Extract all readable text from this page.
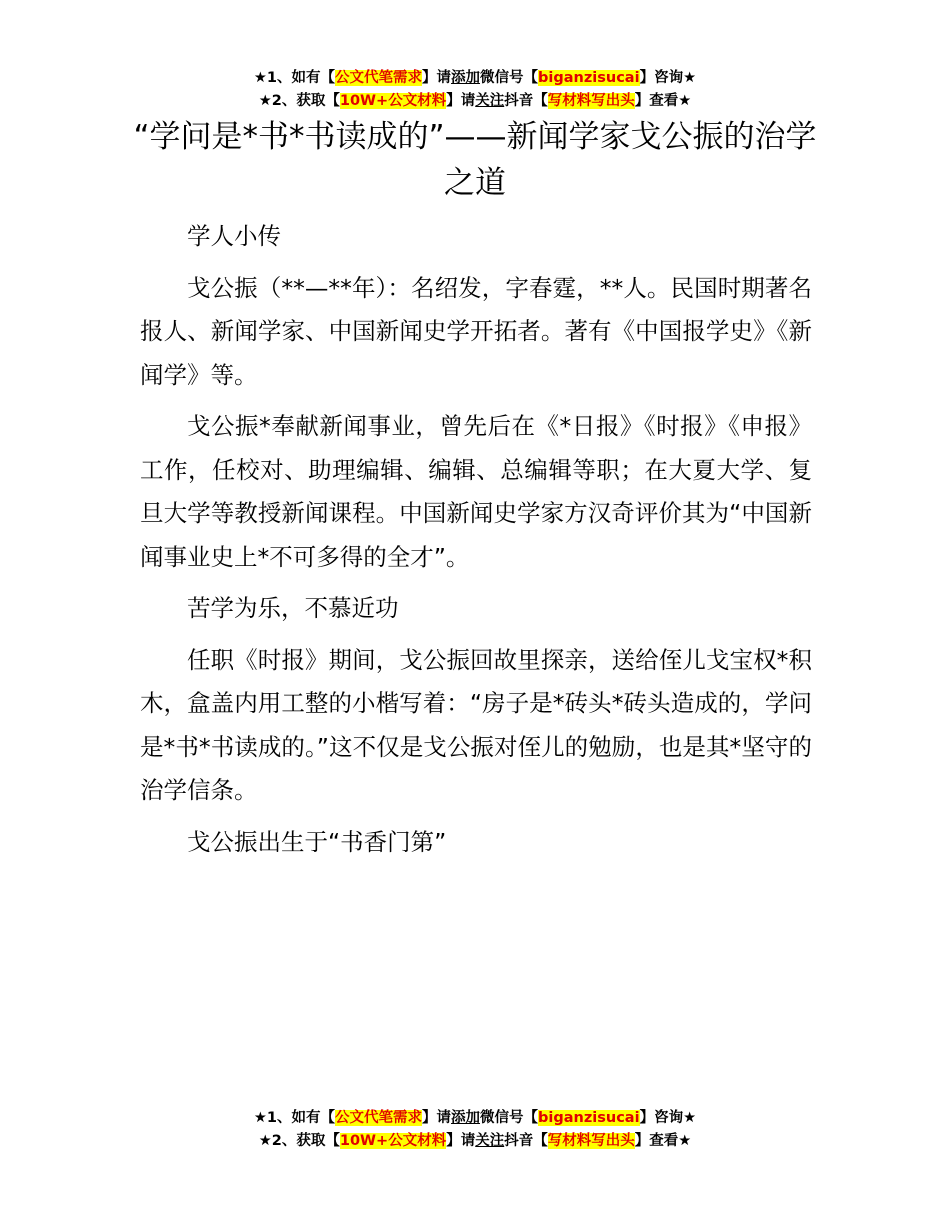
★1、如有【公文代笔需求】请添加微信号【biganzisucai】咨询★
★2、获取【10W+公文材料】请关注抖音【写材料写出头】查看★
“学问是*书*书读成的”——新闻学家戈公振的治学之道

学人小传

戈公振（**—**年）：名绍发，字春霆，**人。民国时期著名报人、新闻学家、中国新闻史学开拓者。著有《中国报学史》《新闻学》等。

戈公振*奉献新闻事业，曾先后在《*日报》《时报》《申报》工作，任校对、助理编辑、编辑、总编辑等职；在大夏大学、复旦大学等教授新闻课程。中国新闻史学家方汉奇评价其为“中国新闻事业史上*不可多得的全才”。

苦学为乐，不慕近功

任职《时报》期间，戈公振回故里探亲，送给侄儿戈宝权*积木，盒盖内用工整的小楷写着：“房子是*砖头*砖头造成的，学问是*书*书读成的。”这不仅是戈公振对侄儿的勉励，也是其*坚守的治学信条。

戈公振出生于“书香门第”

★1、如有【公文代笔需求】请添加微信号【biganzisucai】咨询★
★2、获取【10W+公文材料】请关注抖音【写材料写出头】查看★
